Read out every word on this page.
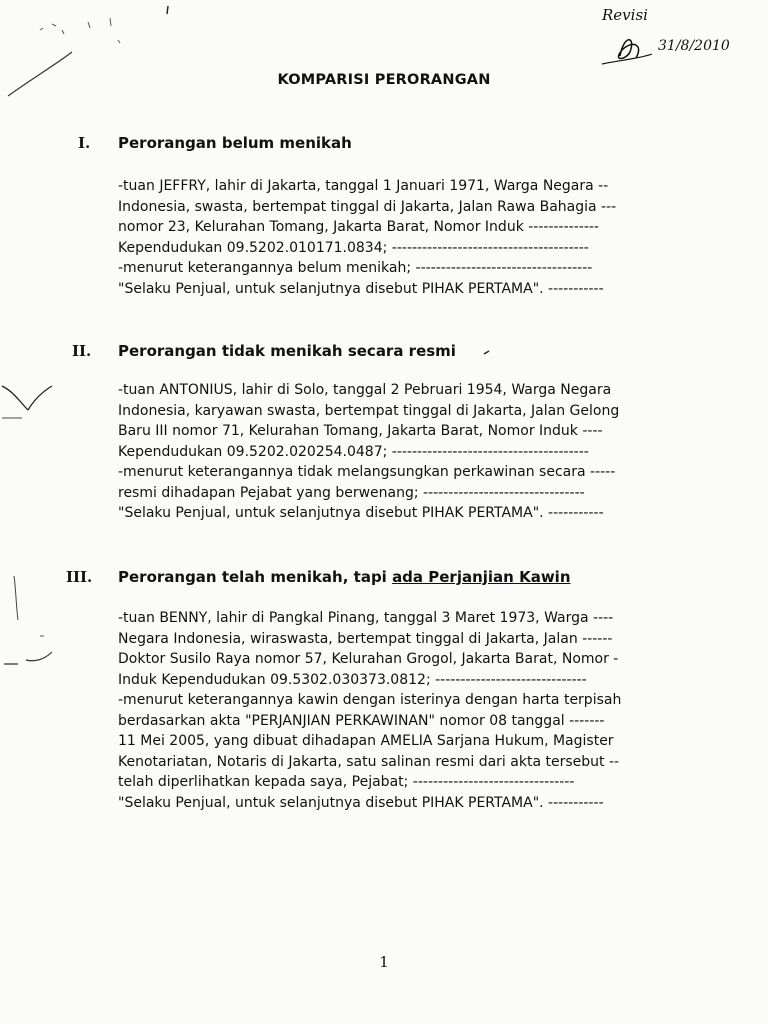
Revisi
31/8/2010
KOMPARISI PERORANGAN
I. Perorangan belum menikah
-tuan JEFFRY, lahir di Jakarta, tanggal 1 Januari 1971, Warga Negara --
Indonesia, swasta, bertempat tinggal di Jakarta, Jalan Rawa Bahagia ---
nomor 23, Kelurahan Tomang, Jakarta Barat, Nomor Induk --------------
Kependudukan 09.5202.010171.0834; ---------------------------------------
-menurut keterangannya belum menikah; -----------------------------------
"Selaku Penjual, untuk selanjutnya disebut PIHAK PERTAMA". -----------
II. Perorangan tidak menikah secara resmi
-tuan ANTONIUS, lahir di Solo, tanggal 2 Pebruari 1954, Warga Negara
Indonesia, karyawan swasta, bertempat tinggal di Jakarta, Jalan Gelong
Baru III nomor 71, Kelurahan Tomang, Jakarta Barat, Nomor Induk ----
Kependudukan 09.5202.020254.0487; ---------------------------------------
-menurut keterangannya tidak melangsungkan perkawinan secara -----
resmi dihadapan Pejabat yang berwenang; --------------------------------
"Selaku Penjual, untuk selanjutnya disebut PIHAK PERTAMA". -----------
III. Perorangan telah menikah, tapi ada Perjanjian Kawin
-tuan BENNY, lahir di Pangkal Pinang, tanggal 3 Maret 1973, Warga ----
Negara Indonesia, wiraswasta, bertempat tinggal di Jakarta, Jalan ------
Doktor Susilo Raya nomor 57, Kelurahan Grogol, Jakarta Barat, Nomor -
Induk Kependudukan 09.5302.030373.0812; ------------------------------
-menurut keterangannya kawin dengan isterinya dengan harta terpisah
berdasarkan akta "PERJANJIAN PERKAWINAN" nomor 08 tanggal -------
11 Mei 2005, yang dibuat dihadapan AMELIA Sarjana Hukum, Magister
Kenotariatan, Notaris di Jakarta, satu salinan resmi dari akta tersebut --
telah diperlihatkan kepada saya, Pejabat; --------------------------------
"Selaku Penjual, untuk selanjutnya disebut PIHAK PERTAMA". -----------
1
